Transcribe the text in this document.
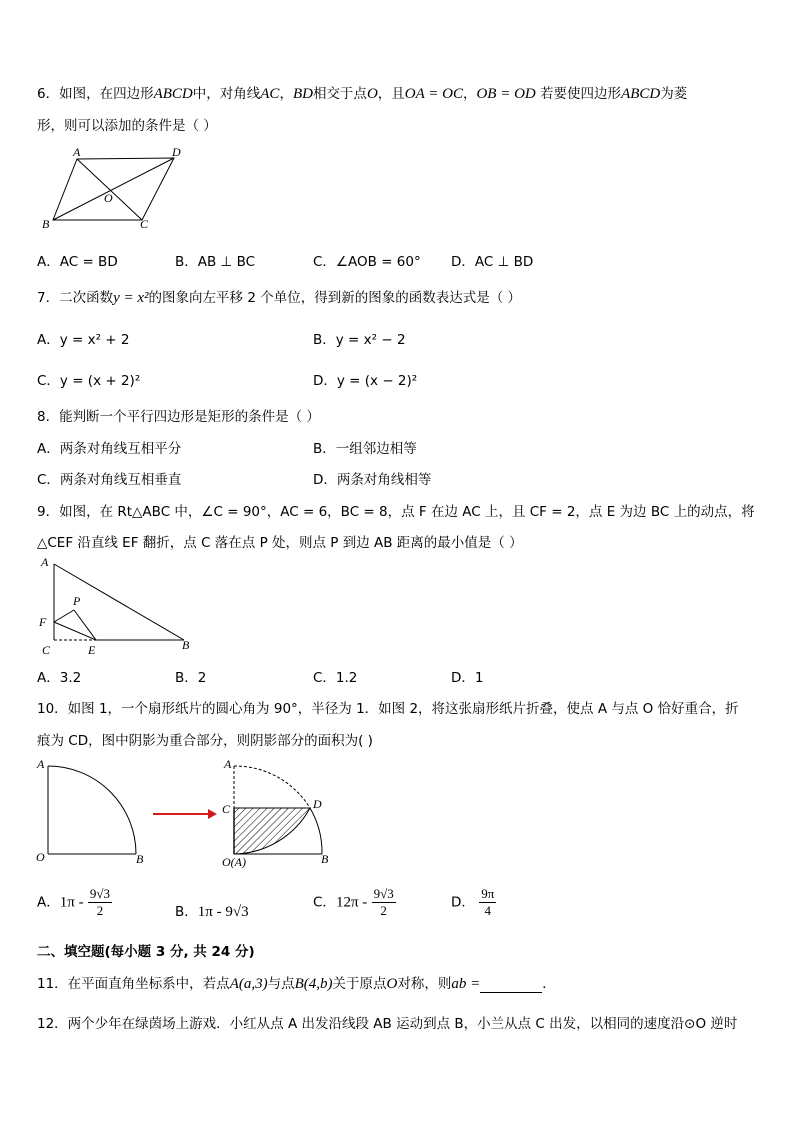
6．如图，在四边形ABCD中，对角线AC，BD相交于点O，且OA = OC，OB = OD 若要使四边形ABCD为菱
形，则可以添加的条件是（ ）
A	D
O
B	C
A．AC = BD	B．AB ⊥ BC	C．∠AOB = 60° D．AC ⊥ BD
7．二次函数y = x²的图象向左平移 2 个单位，得到新的图象的函数表达式是（ ）
A．y = x² + 2	B．y = x² − 2
C．y = (x + 2)²	D．y = (x − 2)²
8．能判断一个平行四边形是矩形的条件是（ ）
A．两条对角线互相平分	B．一组邻边相等
C．两条对角线互相垂直	D．两条对角线相等
9．如图，在 Rt△ABC 中，∠C = 90°，AC = 6，BC = 8，点 F 在边 AC 上，且 CF = 2，点 E 为边 BC 上的动点，将
△CEF 沿直线 EF 翻折，点 C 落在点 P 处，则点 P 到边 AB 距离的最小值是（ ）
A
P
F
C	E	B
A．3.2	B．2	C．1.2	D．1
10．如图 1，一个扇形纸片的圆心角为 90°，半径为 1．如图 2，将这张扇形纸片折叠，使点 A 与点 O 恰好重合，折
痕为 CD，图中阴影为重合部分，则阴影部分的面积为( )
A
O	B
A
C	D
O(A)	B
A．$1\pi - \frac{9√3}{2}$	B．1π - 9√3
C．$12\pi - \frac{9√3}{2}$	D． $\frac{9\pi}{4}$
二、填空题(每小题 3 分, 共 24 分)
11．在平面直角坐标系中，若点A(a,3)与点B(4,b)关于原点O对称，则ab =	．
12．两个少年在绿茵场上游戏．小红从点 A 出发沿线段 AB 运动到点 B，小兰从点 C 出发，以相同的速度沿⊙O 逆时
